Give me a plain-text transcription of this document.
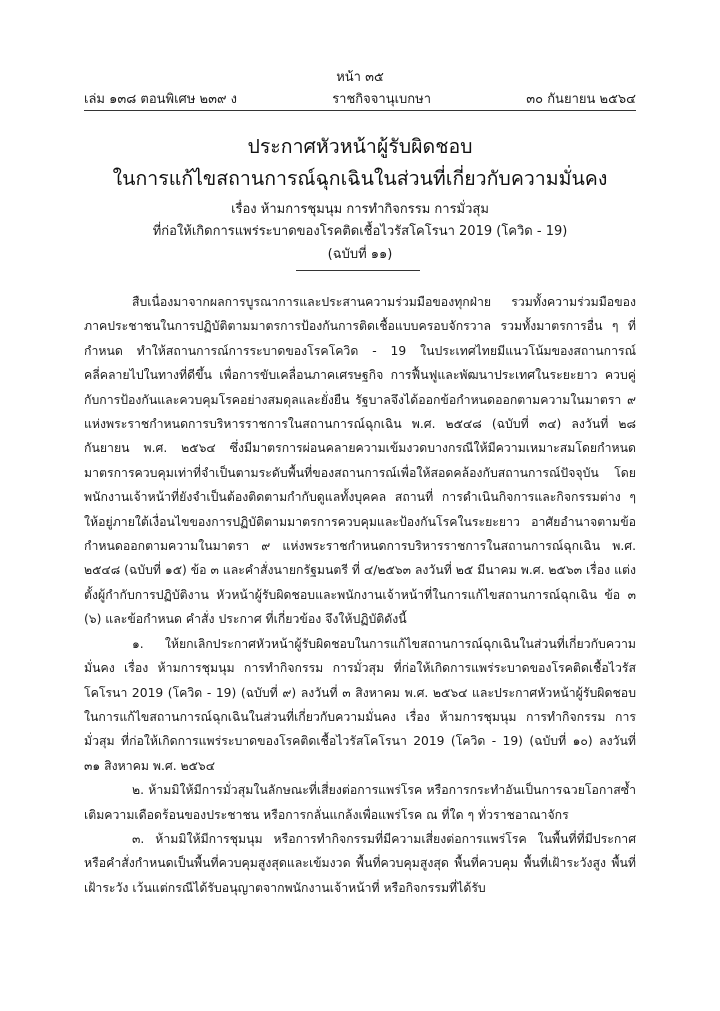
หน้า ๓๕
เล่ม ๑๓๘ ตอนพิเศษ ๒๓๙ ง	ราชกิจจานุเบกษา	๓๐ กันยายน ๒๕๖๔
ประกาศหัวหน้าผู้รับผิดชอบ
ในการแก้ไขสถานการณ์ฉุกเฉินในส่วนที่เกี่ยวกับความมั่นคง
เรื่อง ห้ามการชุมนุม การทำกิจกรรม การมั่วสุม
ที่ก่อให้เกิดการแพร่ระบาดของโรคติดเชื้อไวรัสโคโรนา 2019 (โควิด - 19)
(ฉบับที่ ๑๑)

สืบเนื่องมาจากผลการบูรณาการและประสานความร่วมมือของทุกฝ่าย รวมทั้งความร่วมมือของภาคประชาชนในการปฏิบัติตามมาตรการป้องกันการติดเชื้อแบบครอบจักรวาล รวมทั้งมาตรการอื่น ๆ ที่กำหนด ทำให้สถานการณ์การระบาดของโรคโควิด - 19 ในประเทศไทยมีแนวโน้มของสถานการณ์คลี่คลายไปในทางที่ดีขึ้น เพื่อการขับเคลื่อนภาคเศรษฐกิจ การฟื้นฟูและพัฒนาประเทศในระยะยาว ควบคู่กับการป้องกันและควบคุมโรคอย่างสมดุลและยั่งยืน รัฐบาลจึงได้ออกข้อกำหนดออกตามความในมาตรา ๙ แห่งพระราชกำหนดการบริหารราชการในสถานการณ์ฉุกเฉิน พ.ศ. ๒๕๔๘ (ฉบับที่ ๓๔) ลงวันที่ ๒๘ กันยายน พ.ศ. ๒๕๖๔ ซึ่งมีมาตรการผ่อนคลายความเข้มงวดบางกรณีให้มีความเหมาะสมโดยกำหนดมาตรการควบคุมเท่าที่จำเป็นตามระดับพื้นที่ของสถานการณ์เพื่อให้สอดคล้องกับสถานการณ์ปัจจุบัน โดยพนักงานเจ้าหน้าที่ยังจำเป็นต้องติดตามกำกับดูแลทั้งบุคคล สถานที่ การดำเนินกิจการและกิจกรรมต่าง ๆ ให้อยู่ภายใต้เงื่อนไขของการปฏิบัติตามมาตรการควบคุมและป้องกันโรคในระยะยาว อาศัยอำนาจตามข้อกำหนดออกตามความในมาตรา ๙ แห่งพระราชกำหนดการบริหารราชการในสถานการณ์ฉุกเฉิน พ.ศ. ๒๕๔๘ (ฉบับที่ ๑๕) ข้อ ๓ และคำสั่งนายกรัฐมนตรี ที่ ๔/๒๕๖๓ ลงวันที่ ๒๕ มีนาคม พ.ศ. ๒๕๖๓ เรื่อง แต่งตั้งผู้กำกับการปฏิบัติงาน หัวหน้าผู้รับผิดชอบและพนักงานเจ้าหน้าที่ในการแก้ไขสถานการณ์ฉุกเฉิน ข้อ ๓ (๖) และข้อกำหนด คำสั่ง ประกาศ ที่เกี่ยวข้อง จึงให้ปฏิบัติดังนี้

๑. ให้ยกเลิกประกาศหัวหน้าผู้รับผิดชอบในการแก้ไขสถานการณ์ฉุกเฉินในส่วนที่เกี่ยวกับความมั่นคง เรื่อง ห้ามการชุมนุม การทำกิจกรรม การมั่วสุม ที่ก่อให้เกิดการแพร่ระบาดของโรคติดเชื้อไวรัสโคโรนา 2019 (โควิด - 19) (ฉบับที่ ๙) ลงวันที่ ๓ สิงหาคม พ.ศ. ๒๕๖๔ และประกาศหัวหน้าผู้รับผิดชอบในการแก้ไขสถานการณ์ฉุกเฉินในส่วนที่เกี่ยวกับความมั่นคง เรื่อง ห้ามการชุมนุม การทำกิจกรรม การมั่วสุม ที่ก่อให้เกิดการแพร่ระบาดของโรคติดเชื้อไวรัสโคโรนา 2019 (โควิด - 19) (ฉบับที่ ๑๐) ลงวันที่ ๓๑ สิงหาคม พ.ศ. ๒๕๖๔

๒. ห้ามมิให้มีการมั่วสุมในลักษณะที่เสี่ยงต่อการแพร่โรค หรือการกระทำอันเป็นการฉวยโอกาสซ้ำเติมความเดือดร้อนของประชาชน หรือการกลั่นแกล้งเพื่อแพร่โรค ณ ที่ใด ๆ ทั่วราชอาณาจักร

๓. ห้ามมิให้มีการชุมนุม หรือการทำกิจกรรมที่มีความเสี่ยงต่อการแพร่โรค ในพื้นที่ที่มีประกาศหรือคำสั่งกำหนดเป็นพื้นที่ควบคุมสูงสุดและเข้มงวด พื้นที่ควบคุมสูงสุด พื้นที่ควบคุม พื้นที่เฝ้าระวังสูง พื้นที่เฝ้าระวัง เว้นแต่กรณีได้รับอนุญาตจากพนักงานเจ้าหน้าที่ หรือกิจกรรมที่ได้รับ
